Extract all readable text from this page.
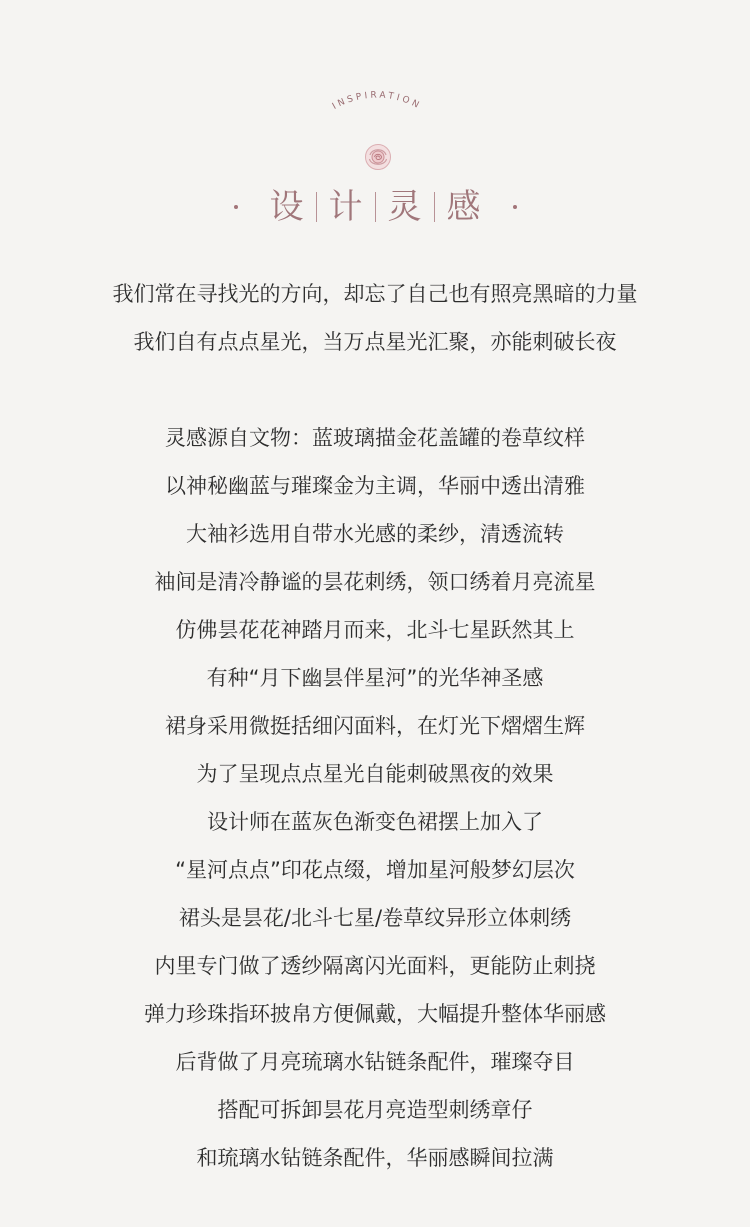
INSPIRATION
设 计 灵 感
我们常在寻找光的方向，却忘了自己也有照亮黑暗的力量
我们自有点点星光，当万点星光汇聚，亦能刺破长夜
灵感源自文物：蓝玻璃描金花盖罐的卷草纹样
以神秘幽蓝与璀璨金为主调，华丽中透出清雅
大袖衫选用自带水光感的柔纱，清透流转
袖间是清冷静谧的昙花刺绣，领口绣着月亮流星
仿佛昙花花神踏月而来，北斗七星跃然其上
有种“月下幽昙伴星河”的光华神圣感
裙身采用微挺括细闪面料，在灯光下熠熠生辉
为了呈现点点星光自能刺破黑夜的效果
设计师在蓝灰色渐变色裙摆上加入了
“星河点点”印花点缀，增加星河般梦幻层次
裙头是昙花/北斗七星/卷草纹异形立体刺绣
内里专门做了透纱隔离闪光面料，更能防止刺挠
弹力珍珠指环披帛方便佩戴，大幅提升整体华丽感
后背做了月亮琉璃水钻链条配件，璀璨夺目
搭配可拆卸昙花月亮造型刺绣章仔
和琉璃水钻链条配件，华丽感瞬间拉满
